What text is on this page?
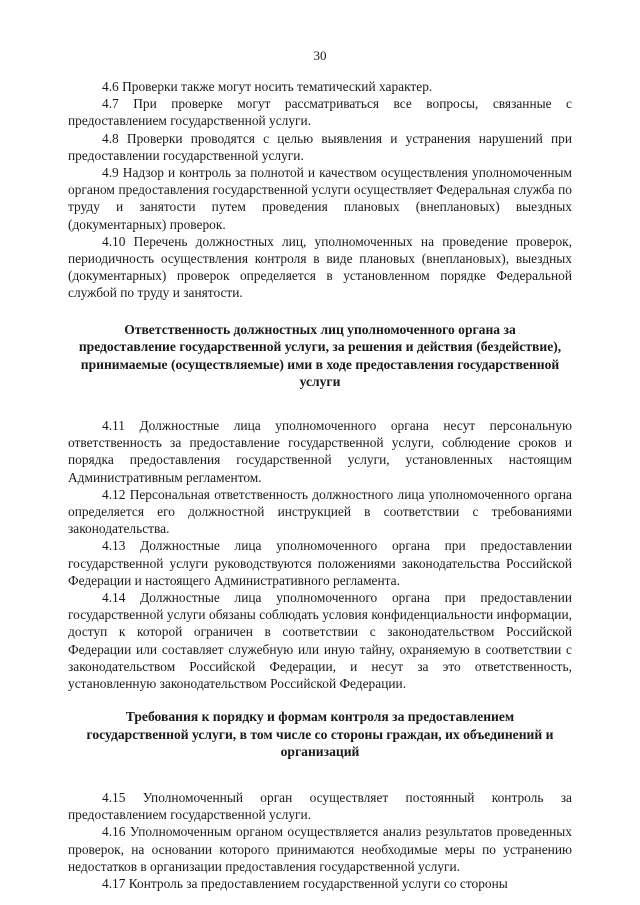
30

4.6 Проверки также могут носить тематический характер.

4.7 При проверке могут рассматриваться все вопросы, связанные с предоставлением государственной услуги.

4.8 Проверки проводятся с целью выявления и устранения нарушений при предоставлении государственной услуги.

4.9 Надзор и контроль за полнотой и качеством осуществления уполномоченным органом предоставления государственной услуги осуществляет Федеральная служба по труду и занятости путем проведения плановых (внеплановых) выездных (документарных) проверок.

4.10 Перечень должностных лиц, уполномоченных на проведение проверок, периодичность осуществления контроля в виде плановых (внеплановых), выездных (документарных) проверок определяется в установленном порядке Федеральной службой по труду и занятости.

Ответственность должностных лиц уполномоченного органа за предоставление государственной услуги, за решения и действия (бездействие), принимаемые (осуществляемые) ими в ходе предоставления государственной услуги

4.11 Должностные лица уполномоченного органа несут персональную ответственность за предоставление государственной услуги, соблюдение сроков и порядка предоставления государственной услуги, установленных настоящим Административным регламентом.

4.12 Персональная ответственность должностного лица уполномоченного органа определяется его должностной инструкцией в соответствии с требованиями законодательства.

4.13 Должностные лица уполномоченного органа при предоставлении государственной услуги руководствуются положениями законодательства Российской Федерации и настоящего Административного регламента.

4.14 Должностные лица уполномоченного органа при предоставлении государственной услуги обязаны соблюдать условия конфиденциальности информации, доступ к которой ограничен в соответствии с законодательством Российской Федерации или составляет служебную или иную тайну, охраняемую в соответствии с законодательством Российской Федерации, и несут за это ответственность, установленную законодательством Российской Федерации.

Требования к порядку и формам контроля за предоставлением государственной услуги, в том числе со стороны граждан, их объединений и организаций

4.15 Уполномоченный орган осуществляет постоянный контроль за предоставлением государственной услуги.

4.16 Уполномоченным органом осуществляется анализ результатов проведенных проверок, на основании которого принимаются необходимые меры по устранению недостатков в организации предоставления государственной услуги.

4.17 Контроль за предоставлением государственной услуги со стороны
